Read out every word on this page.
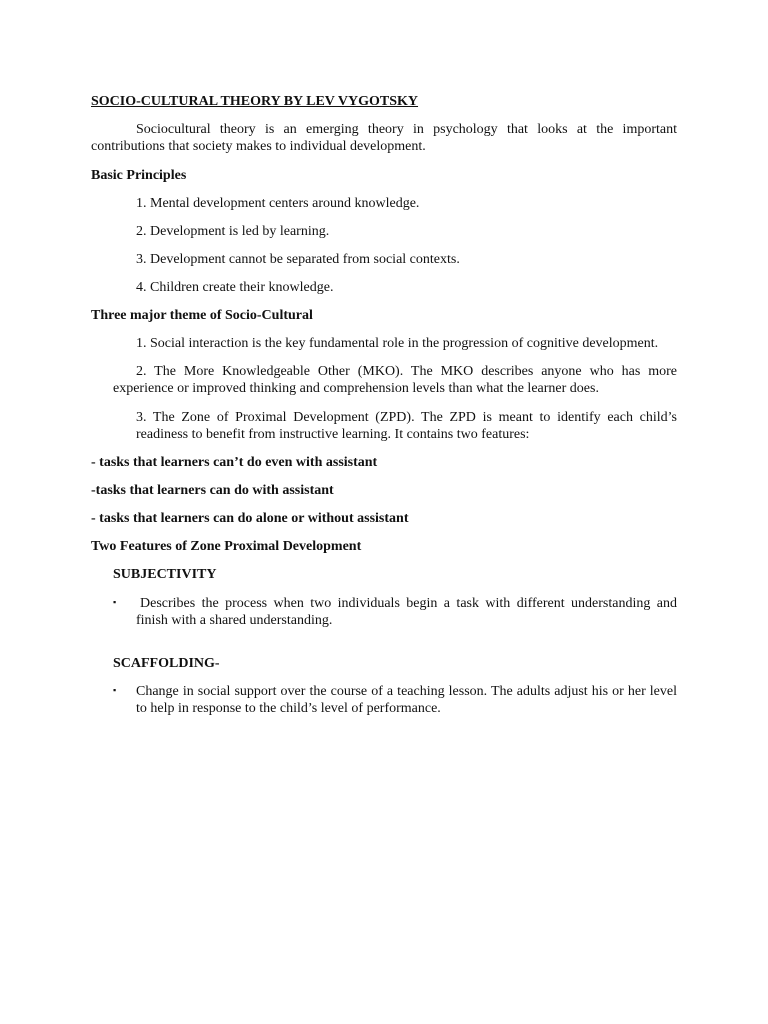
SOCIO-CULTURAL THEORY BY LEV VYGOTSKY

Sociocultural theory is an emerging theory in psychology that looks at the important contributions that society makes to individual development.

Basic Principles

1. Mental development centers around knowledge.

2. Development is led by learning.

3. Development cannot be separated from social contexts.

4. Children create their knowledge.

Three major theme of Socio-Cultural

1. Social interaction is the key fundamental role in the progression of cognitive development.

2. The More Knowledgeable Other (MKO). The MKO describes anyone who has more experience or improved thinking and comprehension levels than what the learner does.

3. The Zone of Proximal Development (ZPD). The ZPD is meant to identify each child’s readiness to benefit from instructive learning. It contains two features:

- tasks that learners can’t do even with assistant

-tasks that learners can do with assistant

- tasks that learners can do alone or without assistant

Two Features of Zone Proximal Development

SUBJECTIVITY

▪ Describes the process when two individuals begin a task with different understanding and finish with a shared understanding.

SCAFFOLDING-

▪ Change in social support over the course of a teaching lesson. The adults adjust his or her level to help in response to the child’s level of performance.
